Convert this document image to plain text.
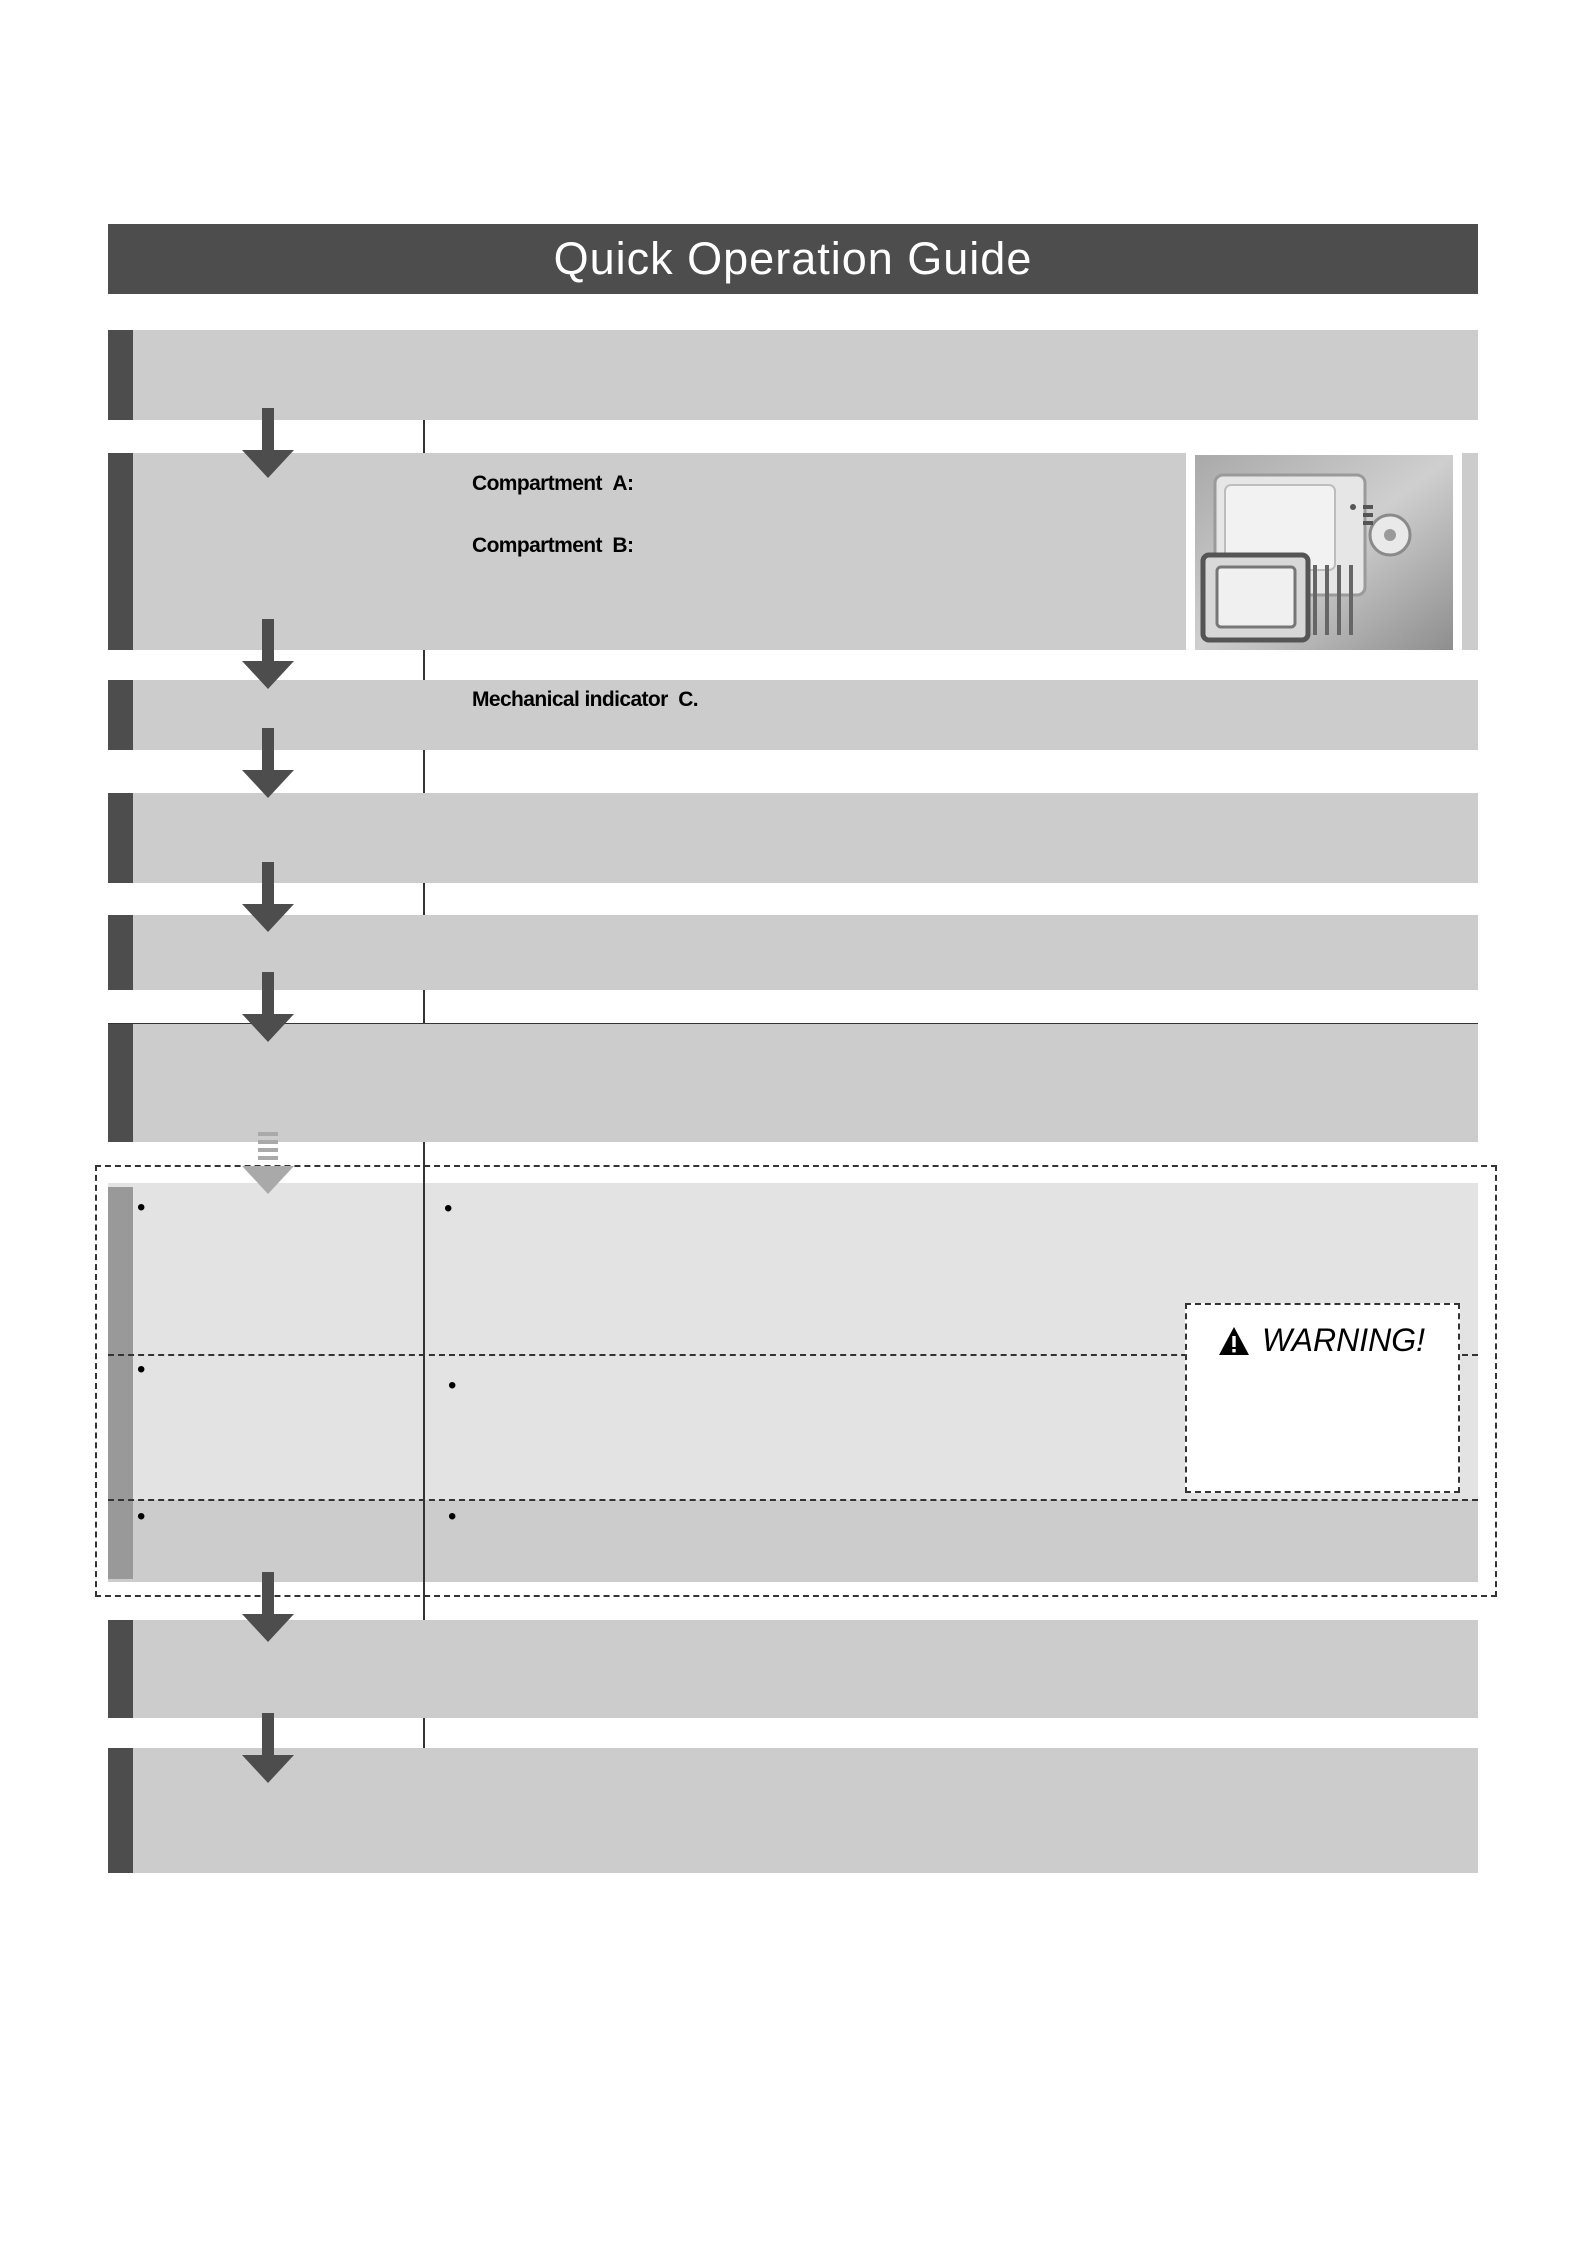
Quick Operation Guide
Compartment A:
Compartment B:
Mechanical indicator C.
•	•
•
•
•	•
WARNING!
